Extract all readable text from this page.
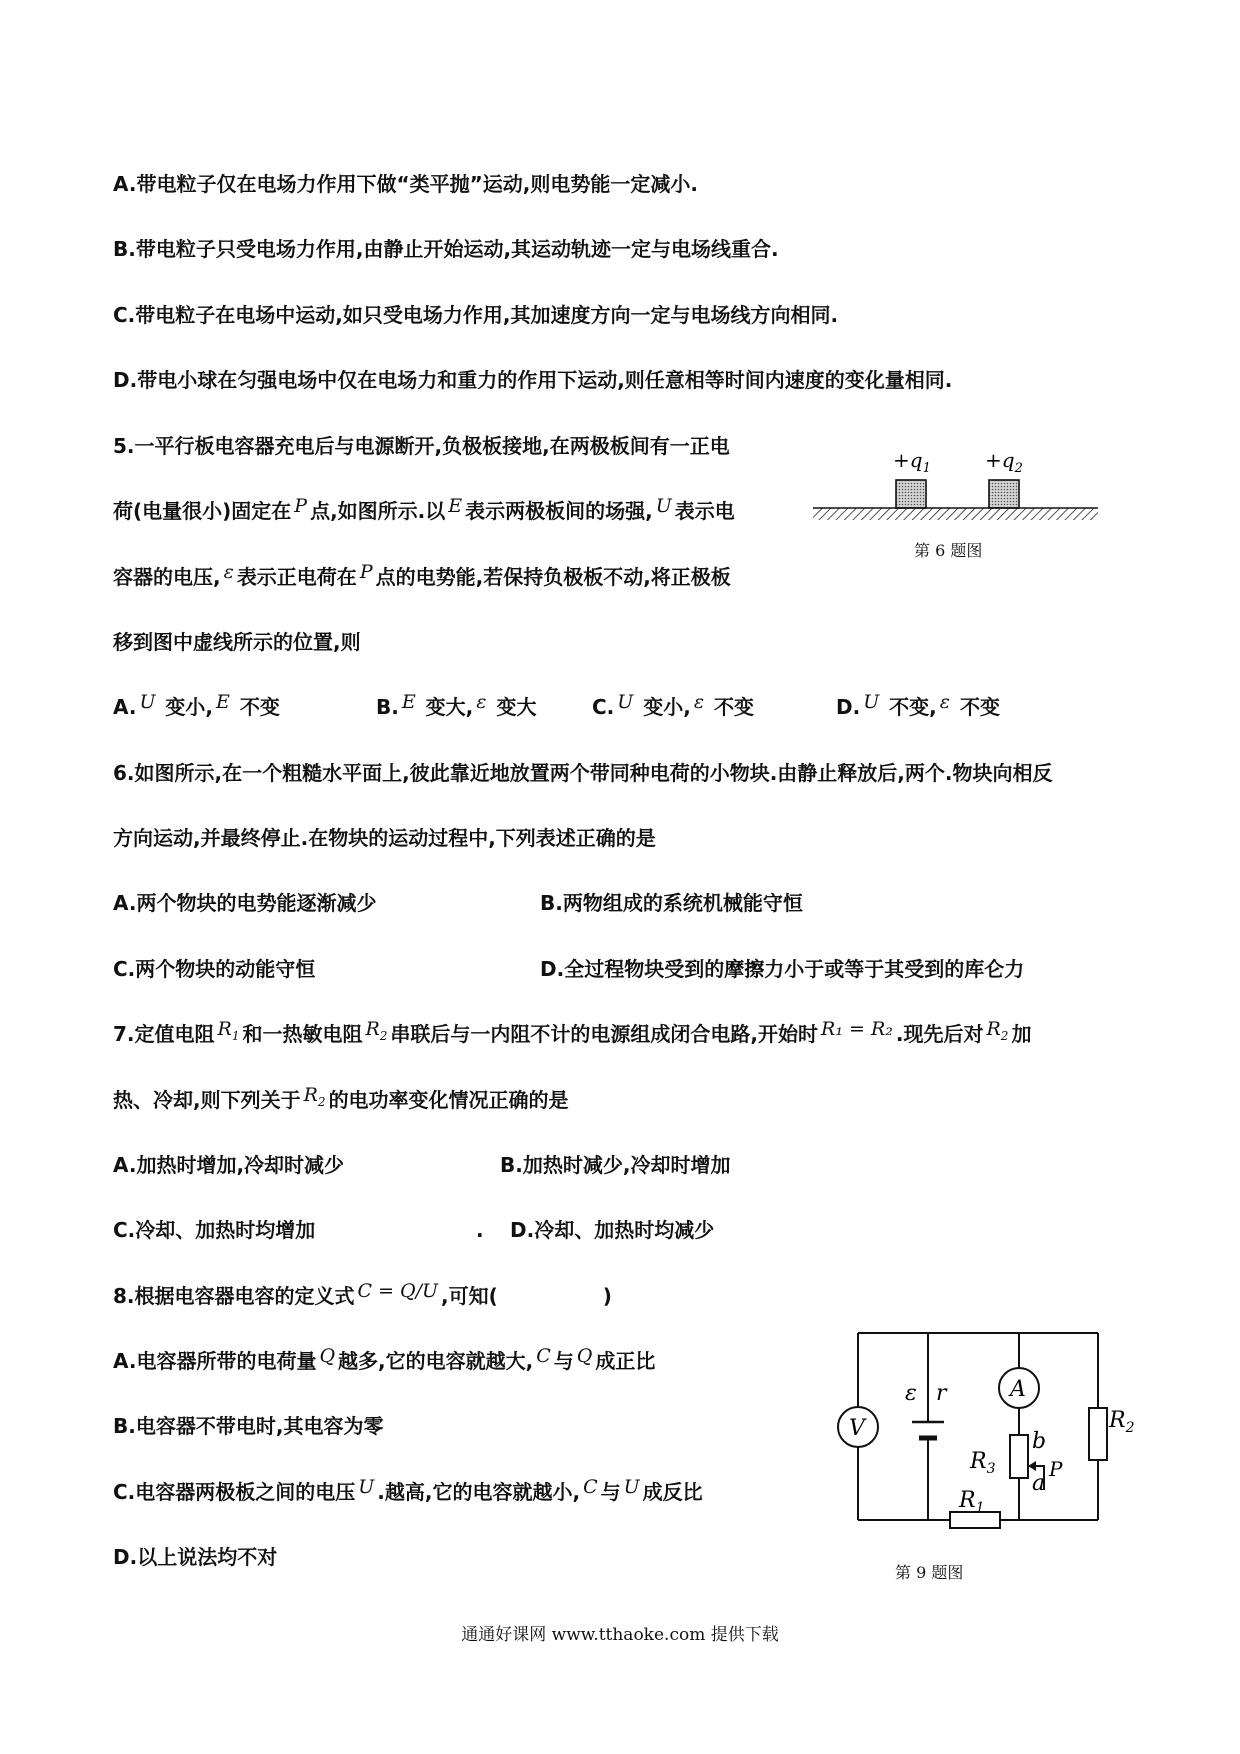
A.带电粒子仅在电场力作用下做“类平抛”运动,则电势能一定减小.
B.带电粒子只受电场力作用,由静止开始运动,其运动轨迹一定与电场线重合.
C.带电粒子在电场中运动,如只受电场力作用,其加速度方向一定与电场线方向相同.
D.带电小球在匀强电场中仅在电场力和重力的作用下运动,则任意相等时间内速度的变化量相同.
5.一平行板电容器充电后与电源断开,负极板接地,在两极板间有一正电
荷(电量很小)固定在 P 点,如图所示.以 E 表示两极板间的场强, U 表示电
容器的电压, ε 表示正电荷在 P 点的电势能,若保持负极板不动,将正极板
移到图中虚线所示的位置,则
A. U 变小, E 不变	B. E 变大, ε 变大	C. U 变小, ε 不变	D. U 不变, ε 不变
$+q_1$	$+q_2$
第 6 题图
6.如图所示,在一个粗糙水平面上,彼此靠近地放置两个带同种电荷的小物块.由静止释放后,两个.物块向相反
方向运动,并最终停止.在物块的运动过程中,下列表述正确的是
A.两个物块的电势能逐渐减少	B.两物组成的系统机械能守恒
C.两个物块的动能守恒	D.全过程物块受到的摩擦力小于或等于其受到的库仑力
7.定值电阻 $R_1$ 和一热敏电阻 $R_2$ 串联后与一内阻不计的电源组成闭合电路,开始时 R₁ = R₂ .现先后对 $R_2$ 加
热、冷却,则下列关于 $R_2$ 的电功率变化情况正确的是
A.加热时增加,冷却时减少	B.加热时减少,冷却时增加
C.冷却、加热时均增加	. D.冷却、加热时均减少
8.根据电容器电容的定义式 C = Q/U ,可知(	)
A.电容器所带的电荷量 Q 越多,它的电容就越大, C 与 Q 成正比
B.电容器不带电时,其电容为零
C.电容器两极板之间的电压 U .越高,它的电容就越小, C 与 U 成反比
D.以上说法均不对
V
ε r	A
$R_3$
b
a
P
$R_2$
$R_1$
第 9 题图
通通好课网 www.tthaoke.com 提供下载
